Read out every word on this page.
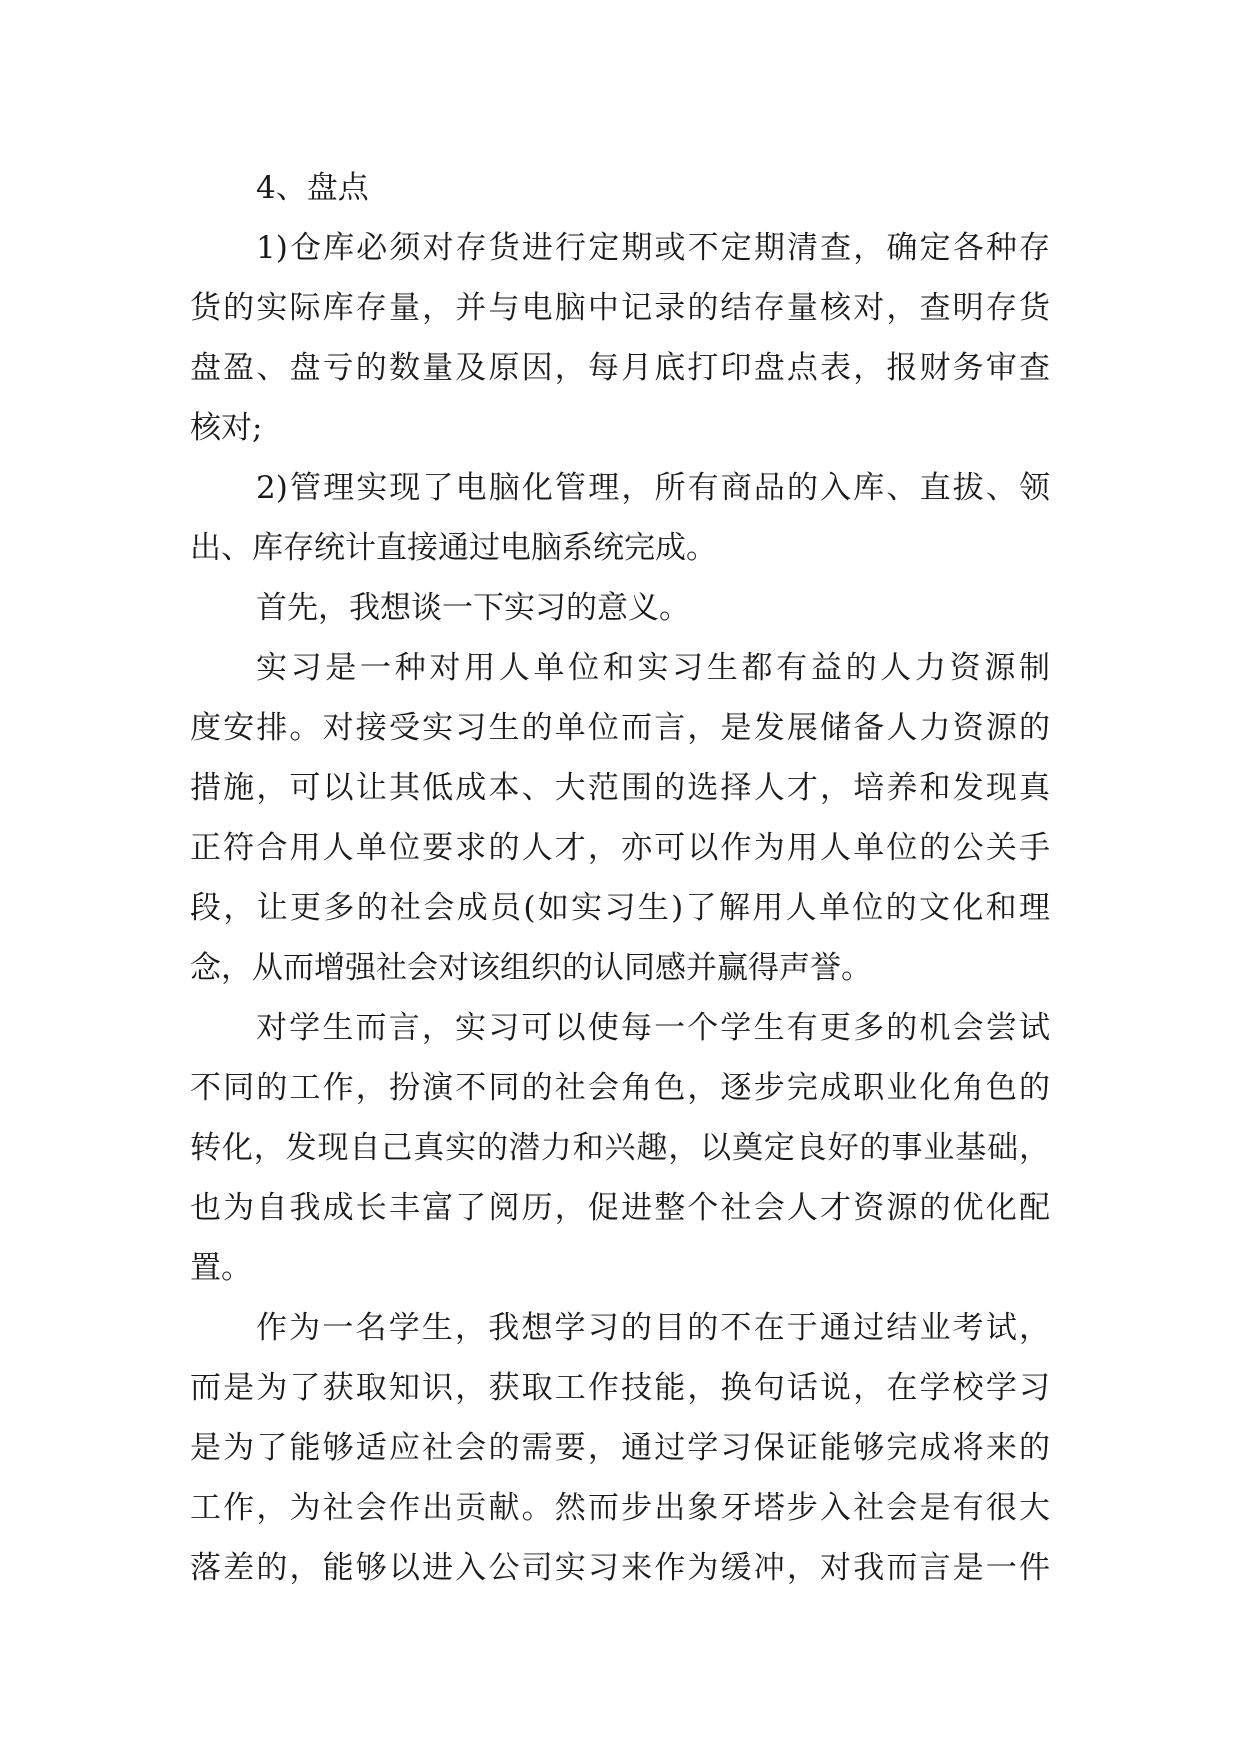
4、盘点
1)仓库必须对存货进行定期或不定期清查，确定各种存
货的实际库存量，并与电脑中记录的结存量核对，查明存货
盘盈、盘亏的数量及原因，每月底打印盘点表，报财务审查
核对;
2)管理实现了电脑化管理，所有商品的入库、直拔、领
出、库存统计直接通过电脑系统完成。
首先，我想谈一下实习的意义。
实习是一种对用人单位和实习生都有益的人力资源制
度安排。对接受实习生的单位而言，是发展储备人力资源的
措施，可以让其低成本、大范围的选择人才，培养和发现真
正符合用人单位要求的人才，亦可以作为用人单位的公关手
段，让更多的社会成员(如实习生)了解用人单位的文化和理
念，从而增强社会对该组织的认同感并赢得声誉。
对学生而言，实习可以使每一个学生有更多的机会尝试
不同的工作，扮演不同的社会角色，逐步完成职业化角色的
转化，发现自己真实的潜力和兴趣，以奠定良好的事业基础，
也为自我成长丰富了阅历，促进整个社会人才资源的优化配
置。
作为一名学生，我想学习的目的不在于通过结业考试，
而是为了获取知识，获取工作技能，换句话说，在学校学习
是为了能够适应社会的需要，通过学习保证能够完成将来的
工作，为社会作出贡献。然而步出象牙塔步入社会是有很大
落差的，能够以进入公司实习来作为缓冲，对我而言是一件
